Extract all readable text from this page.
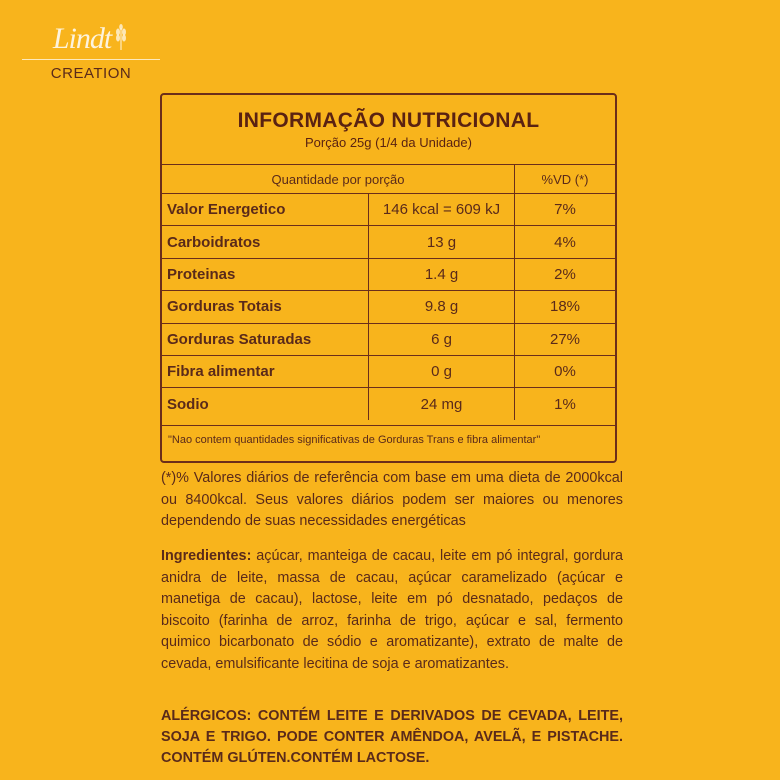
Lindt
CREATION
INFORMAÇÃO NUTRICIONAL
Porção 25g (1/4 da Unidade)
Quantidade por porção		%VD (*)
Valor Energetico	146 kcal = 609 kJ	7%
Carboidratos	13 g	4%
Proteinas	1.4 g	2%
Gorduras Totais	9.8 g	18%
Gorduras Saturadas	6 g	27%
Fibra alimentar	0 g	0%
Sodio	24 mg	1%
"Nao contem quantidades significativas de Gorduras Trans e fibra alimentar"
(*)% Valores diários de referência com base em uma dieta de 2000kcal ou 8400kcal. Seus valores diários podem ser maiores ou menores dependendo de suas necessidades energéticas
Ingredientes: açúcar, manteiga de cacau, leite em pó integral, gordura anidra de leite, massa de cacau, açúcar caramelizado (açúcar e manetiga de cacau), lactose, leite em pó desnatado, pedaços de biscoito (farinha de arroz, farinha de trigo, açúcar e sal, fermento quimico bicarbonato de sódio e aromatizante), extrato de malte de cevada, emulsificante lecitina de soja e aromatizantes.
ALÉRGICOS: CONTÉM LEITE E DERIVADOS DE CEVADA, LEITE, SOJA E TRIGO. PODE CONTER AMÊNDOA, AVELÃ, E PISTACHE. CONTÉM GLÚTEN.CONTÉM LACTOSE.
